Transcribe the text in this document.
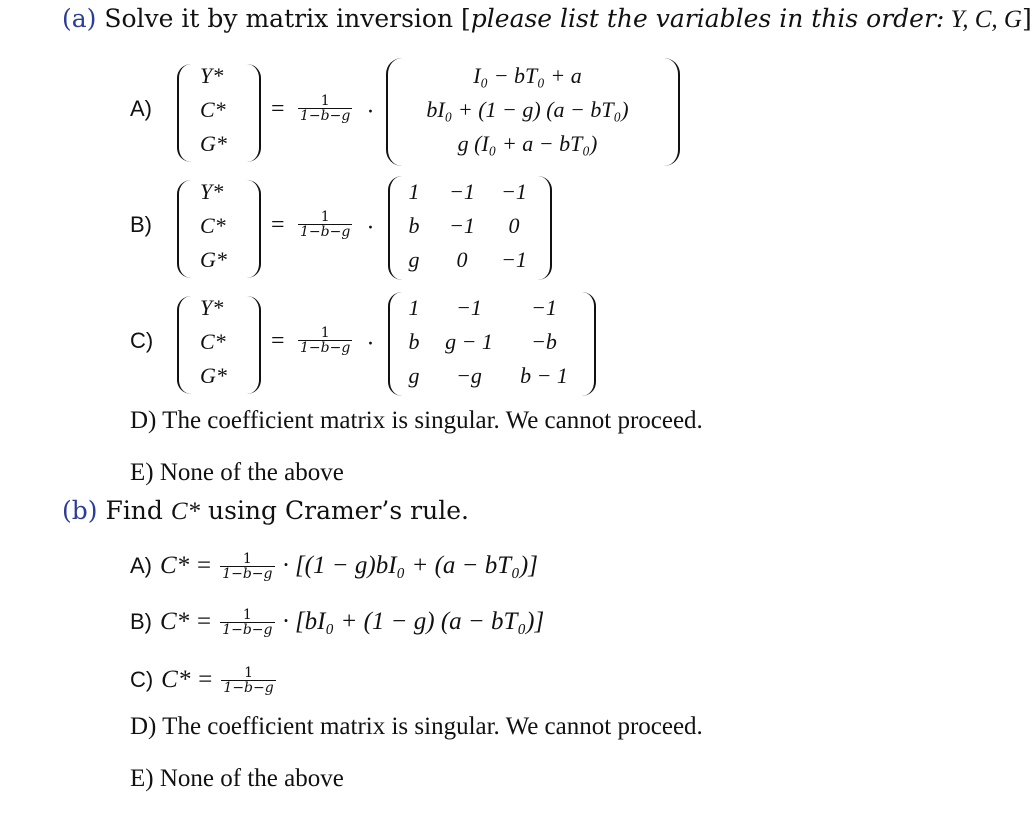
(a) Solve it by matrix inversion [please list the variables in this order: Y, C, G]
A)
Y*
C*
G*
= $\frac{1}{1-b-g}$ ·
I₀ − bT₀ + a
bI₀ + (1 − g) (a − bT₀)
g (I₀ + a − bT₀)
B)
Y*
C*
G*
= $\frac{1}{1-b-g}$ ·
1	−1	−1
b	−1	0
g	0	−1
C)
Y*
C*
G*
= $\frac{1}{1-b-g}$ ·
1	−1	−1
b	g − 1	−b
g	−g	b − 1
D) The coefficient matrix is singular. We cannot proceed.
E) None of the above
(b) Find C* using Cramer’s rule.
A) $C* = \frac{1}{1-b-g} \cdot [(1 - g)bI_0 + (a - bT_0)]$
B) $C* = \frac{1}{1-b-g} \cdot [bI_0 + (1 - g) (a - bT_0)]$
C) $C* = \frac{1}{1-b-g}$
D) The coefficient matrix is singular. We cannot proceed.
E) None of the above
